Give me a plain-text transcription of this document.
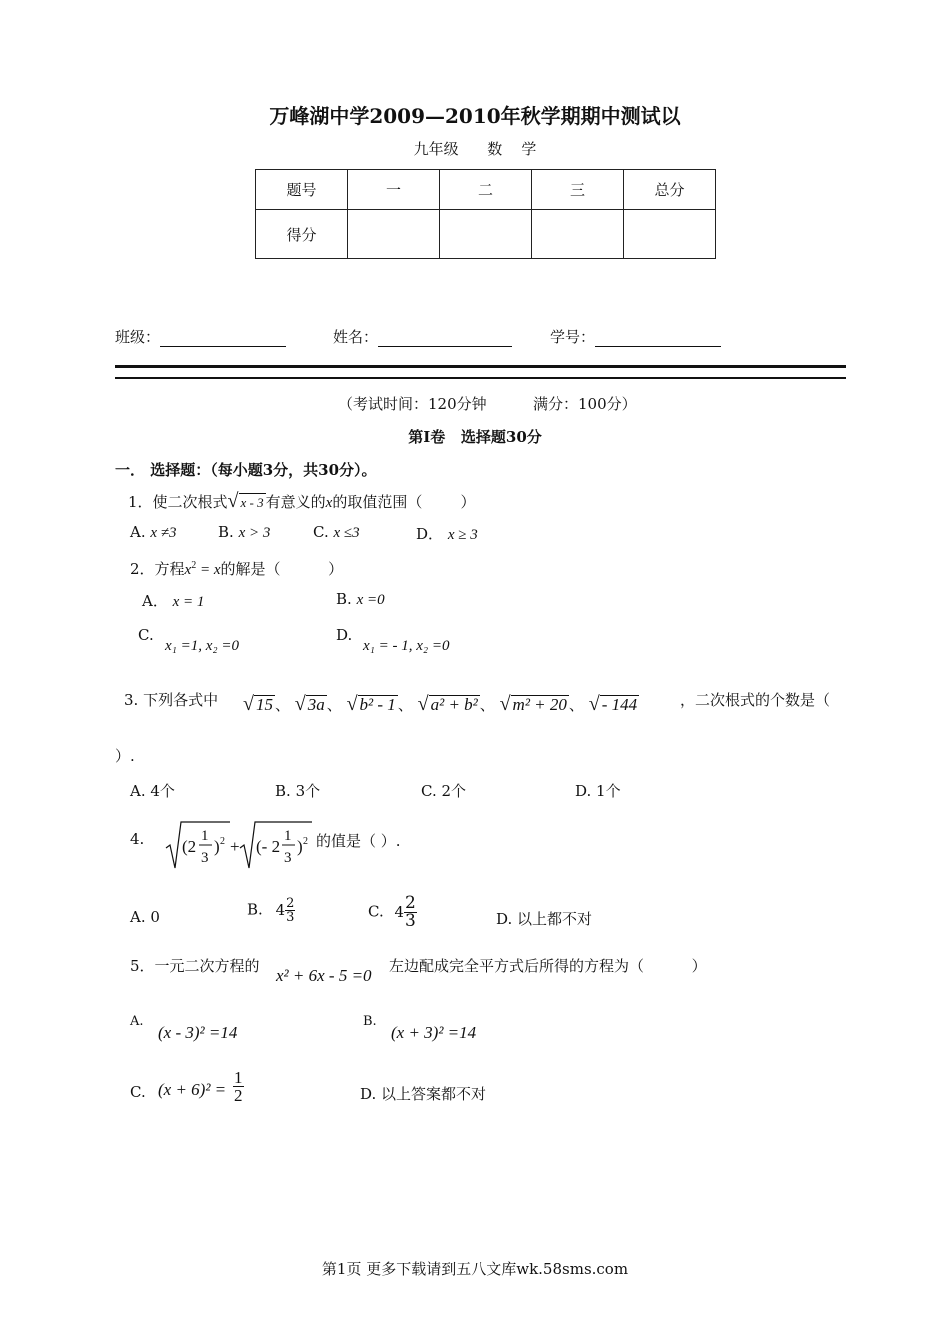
万峰湖中学2009—2010年秋学期期中测试以
九年级      数    学
题号	一	二	三	总分
得分				
班级：	姓名：	学号：
（考试时间：120分钟	满分：100分）
第Ⅰ卷   选择题30分
一． 选择题：（每小题3分，共30分）。
1．使二次根式√ x - 3 有意义的x的取值范围（        ）
A. x ≠3	B. x > 3	C. x ≤3	D． x ≥ 3
2．方程$x^2 = x$的解是（          ）
A． x = 1	B. x =0
C.
x₁ =1, x₂ =0
D.
x₁ = - 1, x₂ =0
3. 下列各式中 √ 15 、 √ 3a 、 √ b² - 1 、 √ a² + b² 、 √ m² + 20 、 √ - 144	，二次根式的个数是（
）.
A. 4个	B. 3个	C. 2个	D. 1个
4. (2
1
3
) 2 + (- 2
1
3
) 2 的值是（ ）.
A. 0	B. $4 \frac{2}{3}$	C. $4 \frac{2}{3}$	D. 以上都不对
5．一元二次方程的 x² + 6x - 5 =0 左边配成完全平方式后所得的方程为（          ）
A.
(x - 3)² =14
B.
(x + 3)² =14
C. $(x + 6)^2 = \frac{1}{2}$	D. 以上答案都不对
第1页 更多下载请到五八文库wk.58sms.com
